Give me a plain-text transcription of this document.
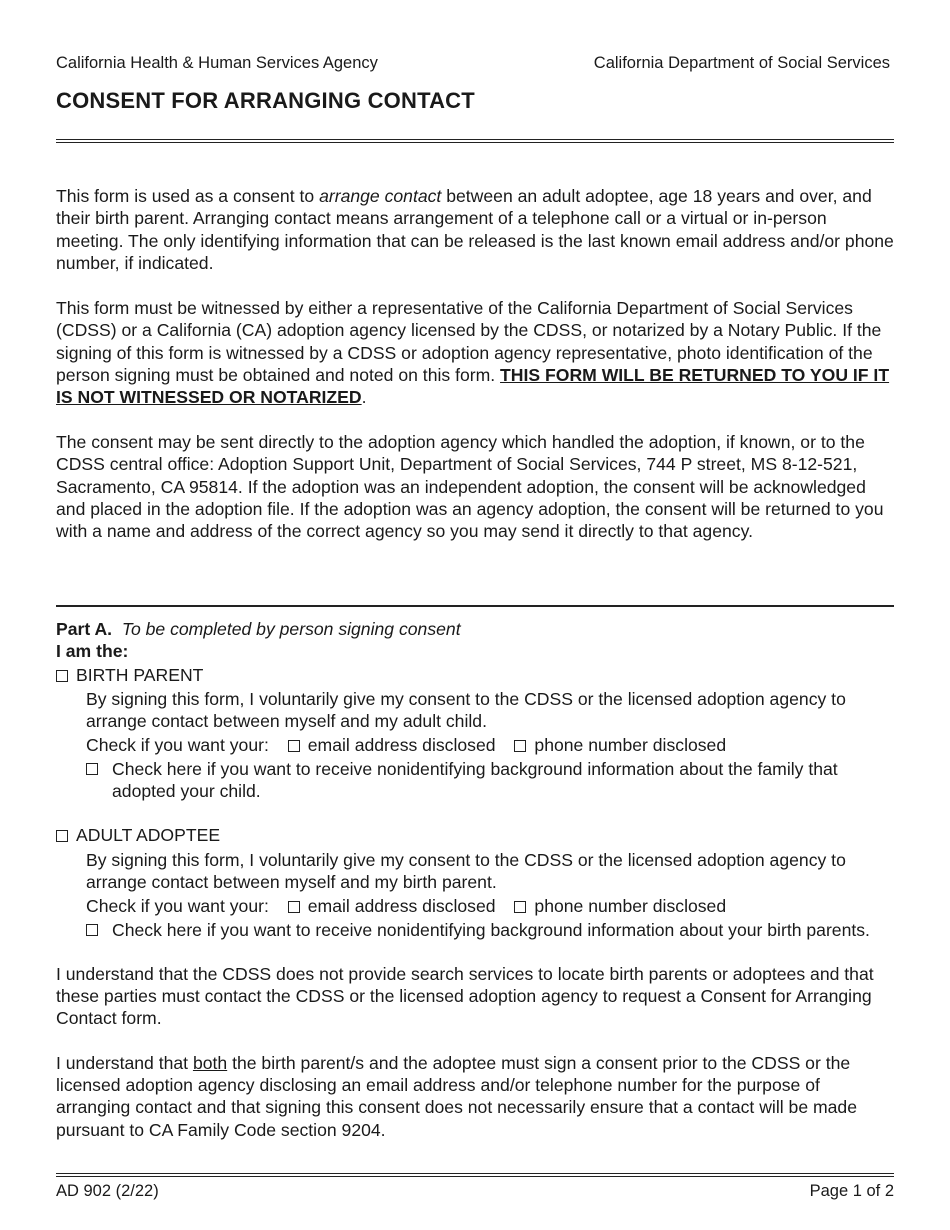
California Health & Human Services Agency	California Department of Social Services
CONSENT FOR ARRANGING CONTACT

This form is used as a consent to arrange contact between an adult adoptee, age 18 years and over, and their birth parent. Arranging contact means arrangement of a telephone call or a virtual or in-person meeting. The only identifying information that can be released is the last known email address and/or phone number, if indicated.

This form must be witnessed by either a representative of the California Department of Social Services (CDSS) or a California (CA) adoption agency licensed by the CDSS, or notarized by a Notary Public. If the signing of this form is witnessed by a CDSS or adoption agency representative, photo identification of the person signing must be obtained and noted on this form. THIS FORM WILL BE RETURNED TO YOU IF IT IS NOT WITNESSED OR NOTARIZED.

The consent may be sent directly to the adoption agency which handled the adoption, if known, or to the CDSS central office: Adoption Support Unit, Department of Social Services, 744 P street, MS 8-12-521, Sacramento, CA 95814. If the adoption was an independent adoption, the consent will be acknowledged and placed in the adoption file. If the adoption was an agency adoption, the consent will be returned to you with a name and address of the correct agency so you may send it directly to that agency.

Part A. To be completed by person signing consent

I am the:

BIRTH PARENT

By signing this form, I voluntarily give my consent to the CDSS or the licensed adoption agency to arrange contact between myself and my adult child.

Check if you want your: email address disclosed phone number disclosed

Check here if you want to receive nonidentifying background information about the family that adopted your child.

ADULT ADOPTEE

By signing this form, I voluntarily give my consent to the CDSS or the licensed adoption agency to arrange contact between myself and my birth parent.

Check if you want your: email address disclosed phone number disclosed

Check here if you want to receive nonidentifying background information about your birth parents.

I understand that the CDSS does not provide search services to locate birth parents or adoptees and that these parties must contact the CDSS or the licensed adoption agency to request a Consent for Arranging Contact form.

I understand that both the birth parent/s and the adoptee must sign a consent prior to the CDSS or the licensed adoption agency disclosing an email address and/or telephone number for the purpose of arranging contact and that signing this consent does not necessarily ensure that a contact will be made pursuant to CA Family Code section 9204.

AD 902 (2/22)	Page 1 of 2
